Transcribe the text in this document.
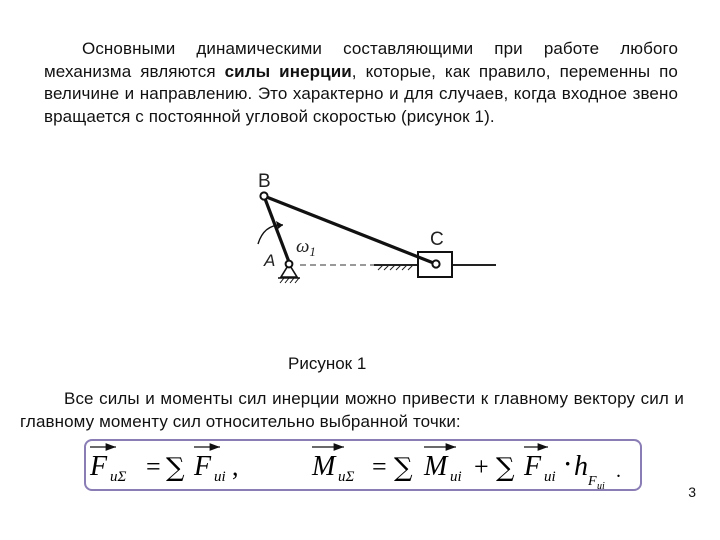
Основными динамическими составляющими при работе любого механизма являются силы инерции, которые, как правило, переменны по величине и направлению. Это характерно и для случаев, когда входное звено вращается с постоянной угловой скоростью (рисунок 1).

B
A
C
$\omega_1$
Рисунок 1

Все силы и моменты сил инерции можно привести к главному вектору сил и главному моменту сил относительно выбранной точки:

F uΣ = ∑ F ui ,	M uΣ = ∑ M ui + ∑ F ui
· h F ui
.
3
